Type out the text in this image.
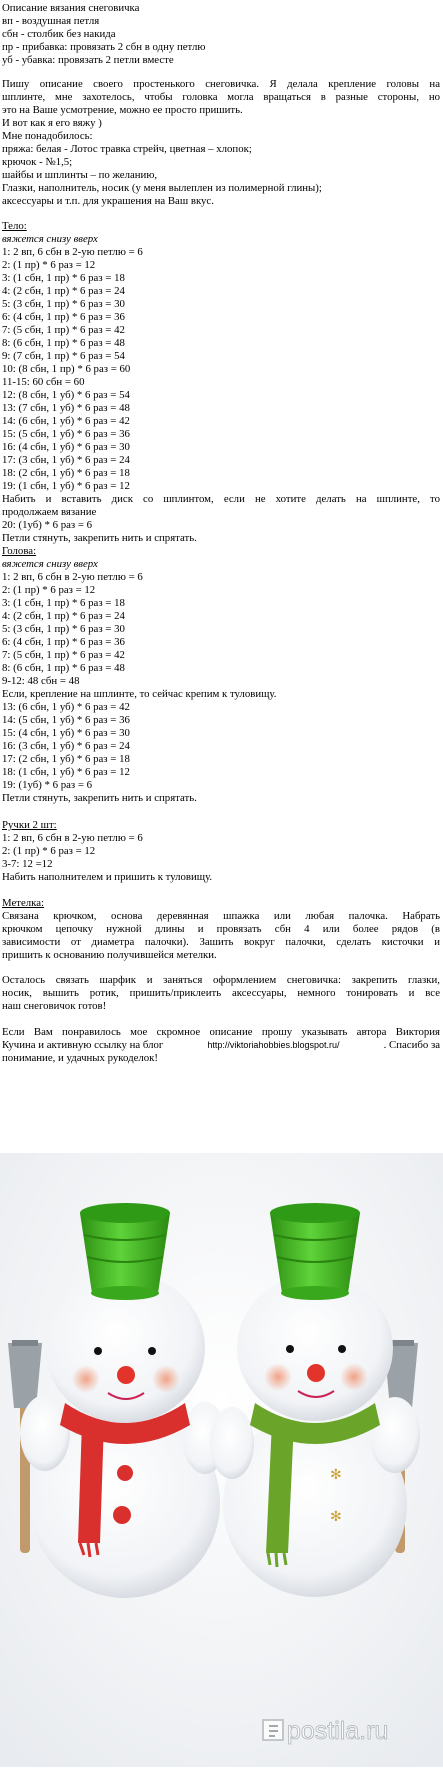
Описание вязания снеговичка
вп - воздушная петля
сбн - столбик без накида
пр - прибавка: провязать 2 сбн в одну петлю
уб - убавка: провязать 2 петли вместе
Пишу описание своего простенького снеговичка. Я делала крепление головы на
шплинте, мне захотелось, чтобы головка могла вращаться в разные стороны, но
это на Ваше усмотрение, можно ее просто пришить.
И вот как я его вяжу )
Мне понадобилось:
пряжа: белая - Лотос травка стрейч, цветная – хлопок;
крючок - №1,5;
шайбы и шплинты – по желанию,
Глазки, наполнитель, носик (у меня вылеплен из полимерной глины);
аксессуары и т.п. для украшения на Ваш вкус.
Тело:
вяжется снизу вверх
1: 2 вп, 6 сбн в 2-ую петлю = 6
2: (1 пр) * 6 раз = 12
3: (1 сбн, 1 пр) * 6 раз = 18
4: (2 сбн, 1 пр) * 6 раз = 24
5: (3 сбн, 1 пр) * 6 раз = 30
6: (4 сбн, 1 пр) * 6 раз = 36
7: (5 сбн, 1 пр) * 6 раз = 42
8: (6 сбн, 1 пр) * 6 раз = 48
9: (7 сбн, 1 пр) * 6 раз = 54
10: (8 сбн, 1 пр) * 6 раз = 60
11-15: 60 сбн = 60
12: (8 сбн, 1 уб) * 6 раз = 54
13: (7 сбн, 1 уб) * 6 раз = 48
14: (6 сбн, 1 уб) * 6 раз = 42
15: (5 сбн, 1 уб) * 6 раз = 36
16: (4 сбн, 1 уб) * 6 раз = 30
17: (3 сбн, 1 уб) * 6 раз = 24
18: (2 сбн, 1 уб) * 6 раз = 18
19: (1 сбн, 1 уб) * 6 раз = 12
Набить и вставить диск со шплинтом, если не хотите делать на шплинте, то
продолжаем вязание
20: (1уб) * 6 раз = 6
Петли стянуть, закрепить нить и спрятать.
Голова:
вяжется снизу вверх
1: 2 вп, 6 сбн в 2-ую петлю = 6
2: (1 пр) * 6 раз = 12
3: (1 сбн, 1 пр) * 6 раз = 18
4: (2 сбн, 1 пр) * 6 раз = 24
5: (3 сбн, 1 пр) * 6 раз = 30
6: (4 сбн, 1 пр) * 6 раз = 36
7: (5 сбн, 1 пр) * 6 раз = 42
8: (6 сбн, 1 пр) * 6 раз = 48
9-12: 48 сбн = 48
Если, крепление на шплинте, то сейчас крепим к туловищу.
13: (6 сбн, 1 уб) * 6 раз = 42
14: (5 сбн, 1 уб) * 6 раз = 36
15: (4 сбн, 1 уб) * 6 раз = 30
16: (3 сбн, 1 уб) * 6 раз = 24
17: (2 сбн, 1 уб) * 6 раз = 18
18: (1 сбн, 1 уб) * 6 раз = 12
19: (1уб) * 6 раз = 6
Петли стянуть, закрепить нить и спрятать.
Ручки 2 шт:
1: 2 вп, 6 сбн в 2-ую петлю = 6
2: (1 пр) * 6 раз = 12
3-7: 12 =12
Набить наполнителем и пришить к туловищу.
Метелка:
Связана крючком, основа деревянная шпажка или любая палочка. Набрать
крючком цепочку нужной длины и провязать сбн 4 или более рядов (в
зависимости от диаметра палочки). Зашить вокруг палочки, сделать кисточки и
пришить к основанию получившейся метелки.
Осталось связать шарфик и заняться оформлением снеговичка: закрепить глазки,
носик, вышить ротик, пришить/приклеить аксессуары, немного тонировать и все
наш снеговичок готов!
Если Вам понравилось мое скромное описание прошу указывать автора Виктория
Кучина и активную ссылку на блог	http://viktoriahobbies.blogspot.ru/	. Спасибо за
понимание, и удачных рукоделок!
✻
✻
postila.ru
